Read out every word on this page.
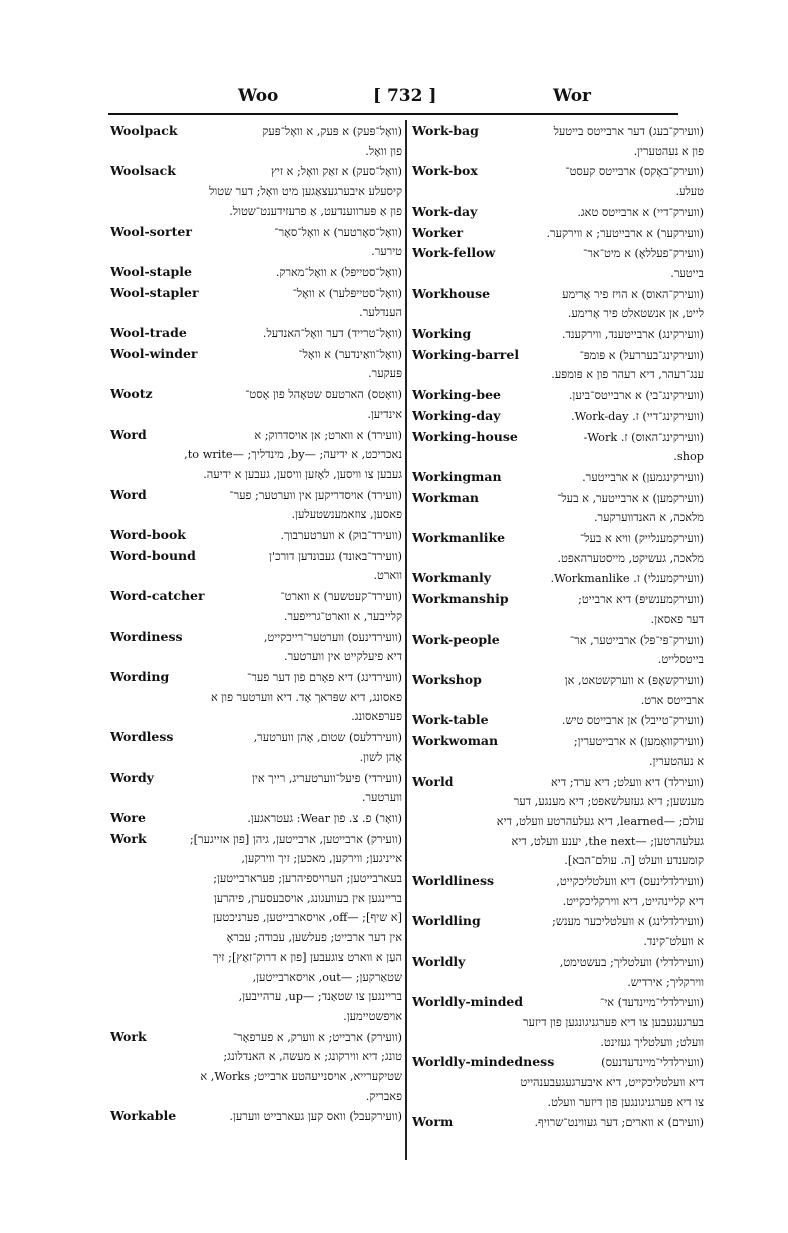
Woo	[ 732 ]	Wor
Woolpack	(וואָל־פּעק) א פּעק, א וואָל־פּעק
פון וואָל.
Woolsack	(וואָל־סעק) א זאַק וואָל; א זיץ
קיסעלע איבערגעצאַגען מיט וואָל; דער שטול
פון אַ פּערווענדעט, אַ פרעזידענט־שטול.
Wool-sorter	(וואָל־סאָרטער) א וואָל־סאָר־
טירער.
Wool-staple	(וואָל־סטייפּל) א וואָל־מארק.
Wool-stapler	(וואָל־סטייפּלער) א וואָל־
הענדלער.
Wool-trade	(וואָל־טרייד) דער וואָל־האנדעל.
Wool-winder	(וואָל־וואַינדער) א וואָל־
פּעקער.
Wootz	(וואָטס) הארטעס שטאָהל פון אָסט־
אינדיען.
Word	(וועירד) א ווארט; אן אויסדרוק; א
נאכריכט, א ידיעה; —by, מינדליך; —to write,
געבען צו וויסען, לאָזען וויסען, געבען א ידיעה.
Word	(וועירד) אויסדריקען אין ווערטער; פער־
פאסען, צוזאמענשטעלען.
Word-book	(וועירד־בוּק) א ווערטערבוך.
Word-bound	(וועירד־באונד) געבונדען דורכ'ן
ווארט.
Word-catcher	(וועירד־קעטשער) א ווארט־
קלייבער, א ווארט־גרייפער.
Wordiness	(וועירדינעס) ווערטער־רייכקייט,
דיא פיעלקייט אין ווערטער.
Wording	(וועירדינג) דיא פאָרם פון דער פער־
פאסונג, דיא שפּראך אָד. דיא ווערטער פון א
פערפאסונג.
Wordless	(וועירדלעס) שטום, אָהן ווערטער,
אָהן לשון.
Wordy	(וועירדי) פיעל־ווערטעריג, רייך אין
ווערטער.
Wore	(וואָר) פ. צ. פון Wear: געטראגען.
Work	(וועירק) ארבייטען, ארבייטען, גיהן [פון אזייגער];
אייניגען; ווירקען, מאכען; זיך ווירקען,
בעארבייטען; הערויספיהרען; פערארבייטען;
בריינגען אין בעוועגונג, אויסבעסערן, פיהרען
[א שיף]; —off, אויסארבייטען, פערניכטען
אין דער ארבייט; פעלשען, עבודה; עבראָ
העַן א ווארט צוגעבען [פון א דרוק־זאַץ]; זיך
שטאַרקען; —out, אויסארבייטען,
בריינגען צו שטאַנד; —up, ערהייבען,
אויפשטיימען.
Work	(וועירק) ארבייט; א ווערק, א פערפאָר־
טונג; דיא ווירקונג; א מעשה, א האנדלונג;
שטיקערייא, אויסנייעהטע ארבייט; Works, א
פאבריק.
Workable	(וועירקעבל) וואס קען געארבייט ווערען.
Work-bag	(וועירק־בעג) דער ארבייטס בייטעל
פון א נעהטערין.
Work-box	(וועירק־באָקס) ארבייטס קעסט־
טעלע.
Work-day	(וועירק־דיי) א ארבייטס טאג.
Worker	(וועירקער) א ארבייטער; א ווירקער.
Work-fellow	(וועירק־פעללאָ) א מיט־אר־
בייטער.
Workhouse	(וועירק־האוס) א הויז פיר אָרימע
לייט, אן אנשטאלט פיר אָרימע.
Working	(וועירקינג) ארבייטענד, ווירקענד.
Working-barrel	(וועירקינג־בעררעל) א פּומפּ־
ענג־רעהר, דיא רעהר פון א פּומפּע.
Working-bee	(וועירקינג־בי) א ארבייטס־ביען.
Working-day	(וועירקינג־דיי) ז. Work-day.
Working-house	(וועירקינג־האוס) ז. Work-
shop.
Workingman	(וועירקינגמען) א ארבייטער.
Workman	(וועירקמען) א ארבייטער, א בעל־
מלאכה, א האנדווערקער.
Workmanlike	(וועירקמענלייק) וויא א בעל־
מלאכה, געשיקט, מייסטערהאפט.
Workmanly	(וועירקמענלי) ז. Workmanlike.
Workmanship	(וועירקמענשיפּ) דיא ארבייט;
דער פאסאן.
Work-people	(וועירק־פּי־פּל) ארבייטער, אר־
בייטסלייט.
Workshop	(וועירקשאָפּ) א ווערקשטאט, אן
ארבייטס ארט.
Work-table	(וועירק־טייבל) אן ארבייטס טיש.
Workwoman	(וועירקוואָמען) א ארבייטערין;
א נעהטערין.
World	(וועירלד) דיא וועלט; דיא ערד; דיא
מענשען; דיא געזעלשאפט; דיא מענגע, דער
עולם; —learned, דיא געלעהרטע וועלט, דיא
געלעהרטען; —the next, יענע וועלט, דיא
קומענדע וועלט [ה. עולם־הבא].
Worldliness	(וועירלדלינעס) דיא וועלטליכקייט,
דיא קליינהייט, דיא ווירקליכקייט.
Worldling	(וועירלדלינג) א וועלטליכער מענש;
א וועלט־קינד.
Worldly	(וועירלדלי) וועלטליך; בעשטימט,
ווירקליך; אירדיש.
Worldly-minded	(וועירלדלי־מיינדעד) אי־
בערגעגעבען צו דיא פערגניגונגען פון דיזער
וועלט; וועלטליך געזינט.
Worldly-mindedness	(וועירלדלי־מיינדעדנעס)
דיא וועלטליכקייט, דיא איבערגעגעבענהייט
צו דיא פערגניגונגען פון דיזער וועלט.
Worm	(וועירם) א ווארים; דער געווינט־שרויף.
